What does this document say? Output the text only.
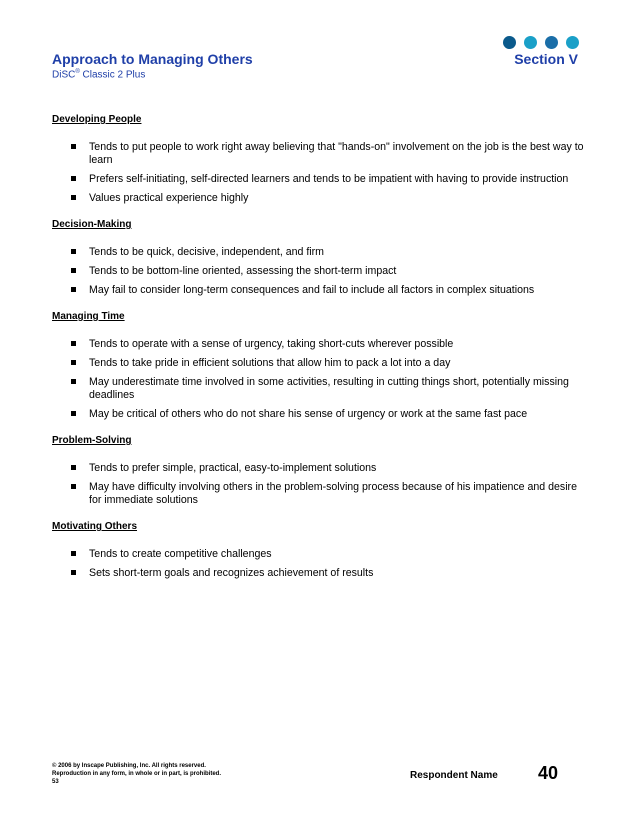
Approach to Managing Others	Section V
DiSC® Classic 2 Plus
Developing People
Tends to put people to work right away believing that "hands-on" involvement on the job is the best way to learn
Prefers self-initiating, self-directed learners and tends to be impatient with having to provide instruction
Values practical experience highly
Decision-Making
Tends to be quick, decisive, independent, and firm
Tends to be bottom-line oriented, assessing the short-term impact
May fail to consider long-term consequences and fail to include all factors in complex situations
Managing Time
Tends to operate with a sense of urgency, taking short-cuts wherever possible
Tends to take pride in efficient solutions that allow him to pack a lot into a day
May underestimate time involved in some activities, resulting in cutting things short, potentially missing deadlines
May be critical of others who do not share his sense of urgency or work at the same fast pace
Problem-Solving
Tends to prefer simple, practical, easy-to-implement solutions
May have difficulty involving others in the problem-solving process because of his impatience and desire for immediate solutions
Motivating Others
Tends to create competitive challenges
Sets short-term goals and recognizes achievement of results
© 2006 by Inscape Publishing, Inc. All rights reserved.
Reproduction in any form, in whole or in part, is prohibited.
53
Respondent Name 40
